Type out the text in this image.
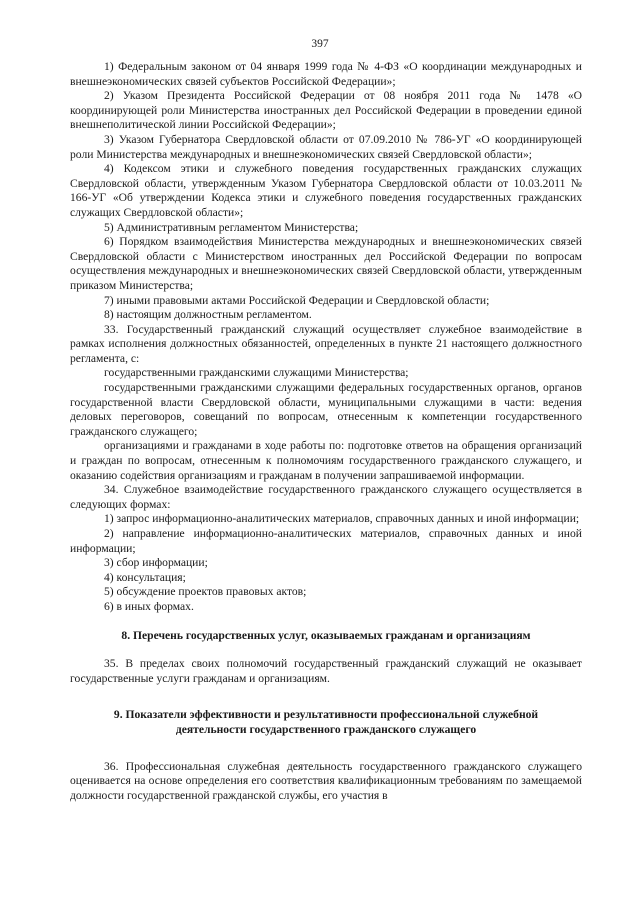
397

1) Федеральным законом от 04 января 1999 года № 4-ФЗ «О координации международных и внешнеэкономических связей субъектов Российской Федерации»;

2) Указом Президента Российской Федерации от 08 ноября 2011 года № 1478 «О координирующей роли Министерства иностранных дел Российской Федерации в проведении единой внешнеполитической линии Российской Федерации»;

3) Указом Губернатора Свердловской области от 07.09.2010 № 786-УГ «О координирующей роли Министерства международных и внешнеэкономических связей Свердловской области»;

4) Кодексом этики и служебного поведения государственных гражданских служащих Свердловской области, утвержденным Указом Губернатора Свердловской области от 10.03.2011 № 166-УГ «Об утверждении Кодекса этики и служебного поведения государственных гражданских служащих Свердловской области»;

5) Административным регламентом Министерства;

6) Порядком взаимодействия Министерства международных и внешнеэкономических связей Свердловской области с Министерством иностранных дел Российской Федерации по вопросам осуществления международных и внешнеэкономических связей Свердловской области, утвержденным приказом Министерства;

7) иными правовыми актами Российской Федерации и Свердловской области;

8) настоящим должностным регламентом.

33. Государственный гражданский служащий осуществляет служебное взаимодействие в рамках исполнения должностных обязанностей, определенных в пункте 21 настоящего должностного регламента, с:

государственными гражданскими служащими Министерства;

государственными гражданскими служащими федеральных государственных органов, органов государственной власти Свердловской области, муниципальными служащими в части: ведения деловых переговоров, совещаний по вопросам, отнесенным к компетенции государственного гражданского служащего;

организациями и гражданами в ходе работы по: подготовке ответов на обращения организаций и граждан по вопросам, отнесенным к полномочиям государственного гражданского служащего, и оказанию содействия организациям и гражданам в получении запрашиваемой информации.

34. Служебное взаимодействие государственного гражданского служащего осуществляется в следующих формах:

1) запрос информационно-аналитических материалов, справочных данных и иной информации;

2) направление информационно-аналитических материалов, справочных данных и иной информации;

3) сбор информации;

4) консультация;

5) обсуждение проектов правовых актов;

6) в иных формах.

8. Перечень государственных услуг, оказываемых гражданам и организациям

35. В пределах своих полномочий государственный гражданский служащий не оказывает государственные услуги гражданам и организациям.

9. Показатели эффективности и результативности профессиональной служебной

деятельности государственного гражданского служащего

36. Профессиональная служебная деятельность государственного гражданского служащего оценивается на основе определения его соответствия квалификационным требованиям по замещаемой должности государственной гражданской службы, его участия в
